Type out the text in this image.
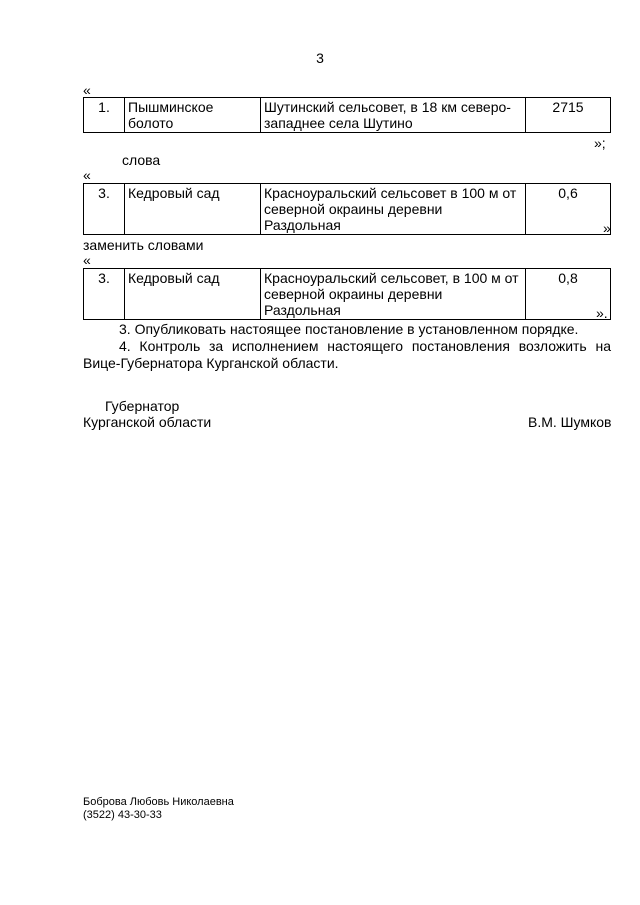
3
«
1.	Пышминское болото	Шутинский сельсовет, в 18 км северо-западнее села Шутино	2715
»;
слова
«
3.	Кедровый сад	Красноуральский сельсовет в 100 м от северной окраины деревни Раздольная	0,6
»
заменить словами
«
3.	Кедровый сад	Красноуральский сельсовет, в 100 м от северной окраины деревни Раздольная	0,8
».
3. Опубликовать настоящее постановление в установленном порядке.
4. Контроль за исполнением настоящего постановления возложить на Вице-Губернатора Курганской области.
Губернатор
Курганской области	В.М. Шумков
Боброва Любовь Николаевна
(3522) 43-30-33
